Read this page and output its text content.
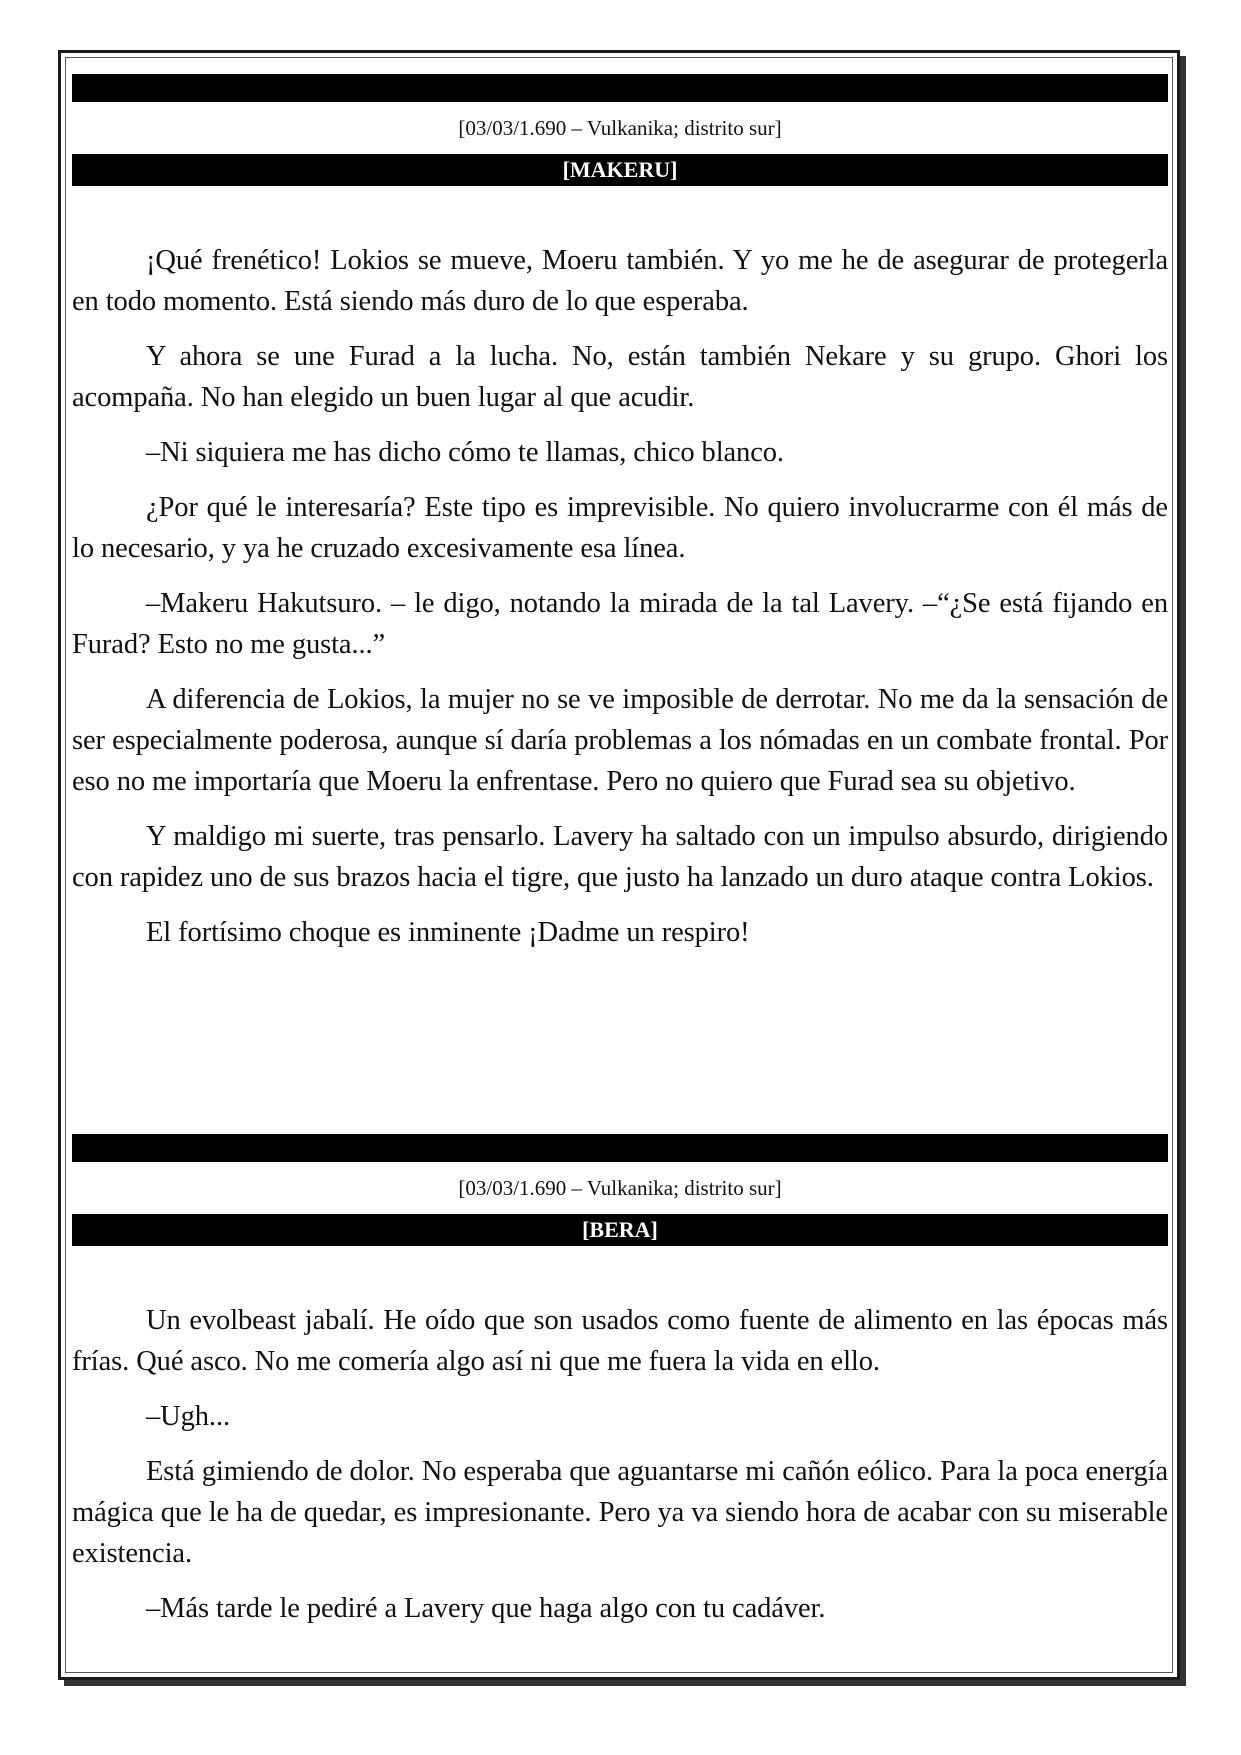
[03/03/1.690 – Vulkanika; distrito sur]
[MAKERU]

¡Qué frenético! Lokios se mueve, Moeru también. Y yo me he de asegurar de protegerla en todo momento. Está siendo más duro de lo que esperaba.

Y ahora se une Furad a la lucha. No, están también Nekare y su grupo. Ghori los acompaña. No han elegido un buen lugar al que acudir.

–Ni siquiera me has dicho cómo te llamas, chico blanco.

¿Por qué le interesaría? Este tipo es imprevisible. No quiero involucrarme con él más de lo necesario, y ya he cruzado excesivamente esa línea.

–Makeru Hakutsuro. – le digo, notando la mirada de la tal Lavery. –“¿Se está fijando en Furad? Esto no me gusta...”

A diferencia de Lokios, la mujer no se ve imposible de derrotar. No me da la sensación de ser especialmente poderosa, aunque sí daría problemas a los nómadas en un combate frontal. Por eso no me importaría que Moeru la enfrentase. Pero no quiero que Furad sea su objetivo.

Y maldigo mi suerte, tras pensarlo. Lavery ha saltado con un impulso absurdo, dirigiendo con rapidez uno de sus brazos hacia el tigre, que justo ha lanzado un duro ataque contra Lokios.

El fortísimo choque es inminente ¡Dadme un respiro!

[03/03/1.690 – Vulkanika; distrito sur]
[BERA]

Un evolbeast jabalí. He oído que son usados como fuente de alimento en las épocas más frías. Qué asco. No me comería algo así ni que me fuera la vida en ello.

–Ugh...

Está gimiendo de dolor. No esperaba que aguantarse mi cañón eólico. Para la poca energía mágica que le ha de quedar, es impresionante. Pero ya va siendo hora de acabar con su miserable existencia.

–Más tarde le pediré a Lavery que haga algo con tu cadáver.
